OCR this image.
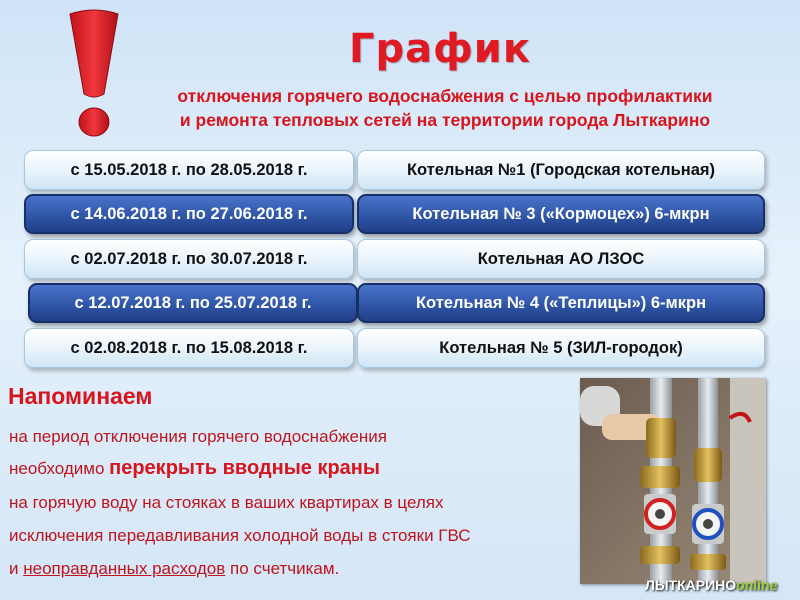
График
отключения горячего водоснабжения с целью профилактики
и ремонта тепловых сетей на территории города Лыткарино
с 15.05.2018 г. по 28.05.2018 г.	Котельная №1 (Городская котельная)
с 14.06.2018 г. по 27.06.2018 г.	Котельная № 3 («Кормоцех») 6-мкрн
с 02.07.2018 г. по 30.07.2018 г.	Котельная АО ЛЗОС
с 12.07.2018 г. по 25.07.2018 г.	Котельная № 4 («Теплицы») 6-мкрн
с 02.08.2018 г. по 15.08.2018 г.	Котельная № 5 (ЗИЛ-городок)
Напоминаем
на период отключения горячего водоснабжения
необходимо перекрыть вводные краны
на горячую воду на стояках в ваших квартирах в целях
исключения передавливания холодной воды в стояки ГВС
и неоправданных расходов по счетчикам.
ЛЫТКАРИНОonline
